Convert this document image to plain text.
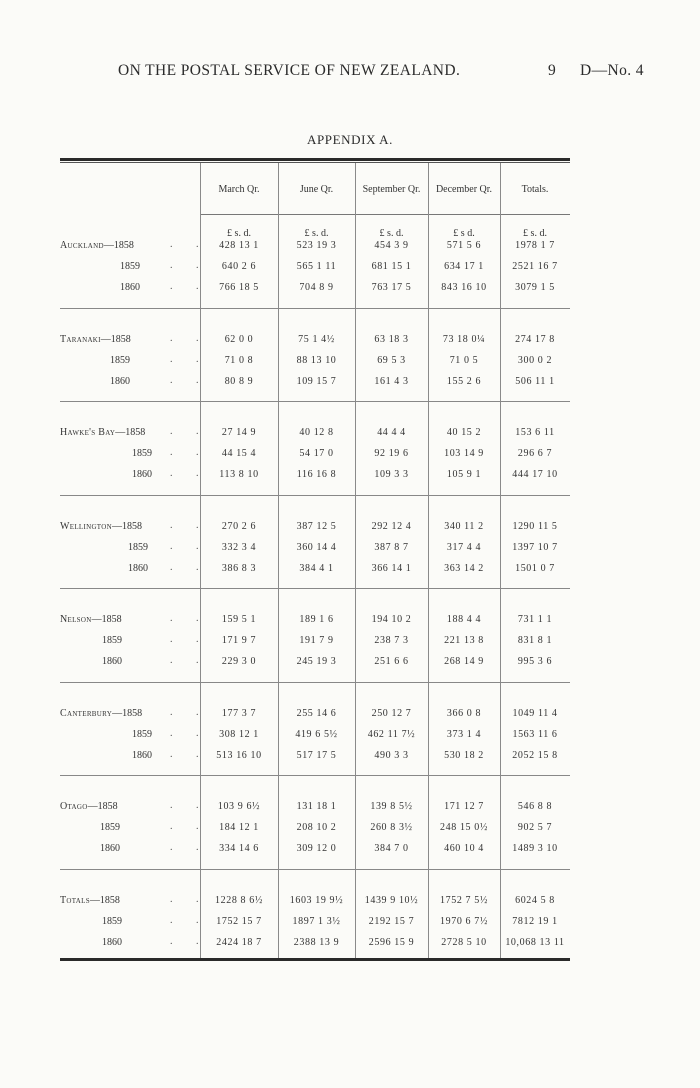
ON THE POSTAL SERVICE OF NEW ZEALAND.	9 D—No. 4
APPENDIX A.
March Qr.	June Qr.	September Qr.	December Qr.	Totals.
£ s. d.	£ s. d.	£ s. d.	£ s d.	£ s. d.
Auckland—1858	. .	428 13 1	523 19 3	454 3 9	571 5 6	1978 1 7
1859	. .	640 2 6	565 1 11	681 15 1	634 17 1	2521 16 7
1860	. .	766 18 5	704 8 9	763 17 5	843 16 10	3079 1 5
Taranaki—1858	. .	62 0 0	75 1 4½	63 18 3	73 18 0¼	274 17 8
1859	. .	71 0 8	88 13 10	69 5 3	71 0 5	300 0 2
1860	. .	80 8 9	109 15 7	161 4 3	155 2 6	506 11 1
Hawke's Bay—1858 . .	27 14 9	40 12 8	44 4 4	40 15 2	153 6 11
1859 . .	44 15 4	54 17 0	92 19 6	103 14 9	296 6 7
1860 . .	113 8 10	116 16 8	109 3 3	105 9 1	444 17 10
Wellington—1858	. .	270 2 6	387 12 5	292 12 4	340 11 2	1290 11 5
1859 . .	332 3 4	360 14 4	387 8 7	317 4 4	1397 10 7
1860 . .	386 8 3	384 4 1	366 14 1	363 14 2	1501 0 7
Nelson—1858	. .	159 5 1	189 1 6	194 10 2	188 4 4	731 1 1
1859	. .	171 9 7	191 7 9	238 7 3	221 13 8	831 8 1
1860	. .	229 3 0	245 19 3	251 6 6	268 14 9	995 3 6
Canterbury—1858	. .	177 3 7	255 14 6	250 12 7	366 0 8	1049 11 4
1859 . .	308 12 1	419 6 5½	462 11 7½	373 1 4	1563 11 6
1860 . .	513 16 10	517 17 5	490 3 3	530 18 2	2052 15 8
Otago—1858	. .	103 9 6½	131 18 1	139 8 5½	171 12 7	546 8 8
1859	. .	184 12 1	208 10 2	260 8 3½	248 15 0½	902 5 7
1860	. .	334 14 6	309 12 0	384 7 0	460 10 4	1489 3 10
Totals—1858	. .	1228 8 6½	1603 19 9½	1439 9 10½	1752 7 5½	6024 5 8
1859	. .	1752 15 7	1897 1 3½	2192 15 7	1970 6 7½	7812 19 1
1860	. .	2424 18 7	2388 13 9	2596 15 9	2728 5 10	10,068 13 11
